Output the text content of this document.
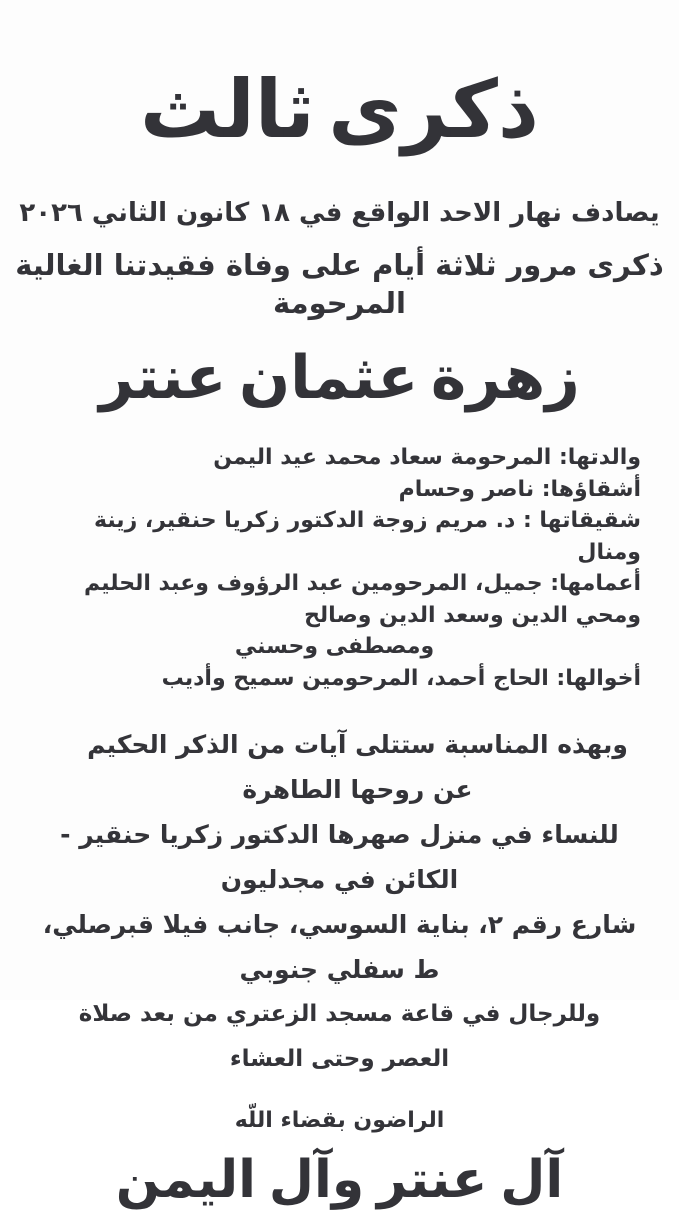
ذكرى ثالث
يصادف نهار الاحد الواقع في ١٨ كانون الثاني ٢٠٢٦
ذكرى مرور ثلاثة أيام على وفاة فقيدتنا الغالية المرحومة
زهرة عثمان عنتر
والدتها: المرحومة سعاد محمد عيد اليمن
أشقاؤها: ناصر وحسام
شقيقاتها : د. مريم زوجة الدكتور زكريا حنقير، زينة ومنال
أعمامها: جميل، المرحومين عبد الرؤوف وعبد الحليم ومحي الدين وسعد الدين وصالح
ومصطفى وحسني
أخوالها: الحاج أحمد، المرحومين سميح وأديب
وبهذه المناسبة ستتلى آيات من الذكر الحكيم عن روحها الطاهرة
للنساء في منزل صهرها الدكتور زكريا حنقير - الكائن في مجدليون
شارع رقم ٢، بناية السوسي، جانب فيلا قبرصلي، ط سفلي جنوبي
وللرجال في قاعة مسجد الزعتري من بعد صلاة العصر وحتى العشاء
الراضون بقضاء اللّه
آل عنتر وآل اليمن
